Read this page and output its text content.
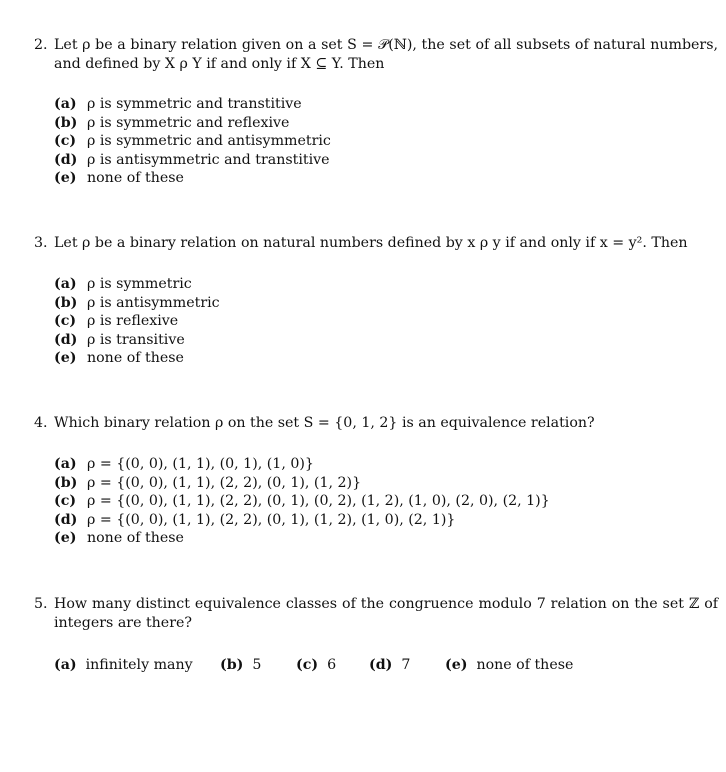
2. Let ρ be a binary relation given on a set S = 𝒫(ℕ), the set of all subsets of natural numbers, and defined by X ρ Y if and only if X ⊆ Y. Then
(a) ρ is symmetric and transtitive
(b) ρ is symmetric and reflexive
(c) ρ is symmetric and antisymmetric
(d) ρ is antisymmetric and transtitive
(e) none of these
3. Let ρ be a binary relation on natural numbers defined by x ρ y if and only if x = y². Then
(a) ρ is symmetric
(b) ρ is antisymmetric
(c) ρ is reflexive
(d) ρ is transitive
(e) none of these
4. Which binary relation ρ on the set S = {0, 1, 2} is an equivalence relation?
(a) ρ = {(0, 0), (1, 1), (0, 1), (1, 0)}
(b) ρ = {(0, 0), (1, 1), (2, 2), (0, 1), (1, 2)}
(c) ρ = {(0, 0), (1, 1), (2, 2), (0, 1), (0, 2), (1, 2), (1, 0), (2, 0), (2, 1)}
(d) ρ = {(0, 0), (1, 1), (2, 2), (0, 1), (1, 2), (1, 0), (2, 1)}
(e) none of these
5. How many distinct equivalence classes of the congruence modulo 7 relation on the set ℤ of integers are there?
(a) infinitely many (b) 5 (c) 6 (d) 7 (e) none of these
